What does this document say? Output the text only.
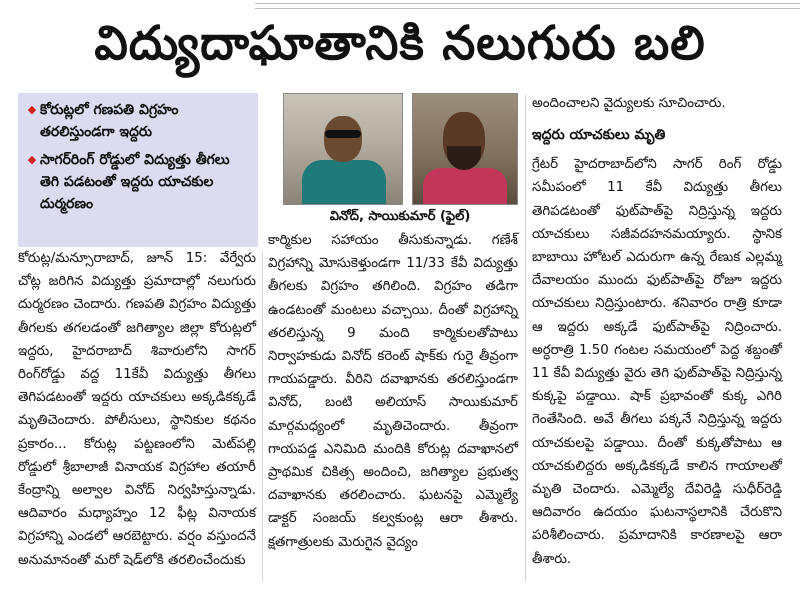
విద్యుదాఘాతానికి నలుగురు బలి
◆ కోరుట్లలో గణపతి విగ్రహం తరలిస్తుండగా ఇద్దరు
◆ సాగర్‌రింగ్ రోడ్డులో విద్యుత్తు తీగలు తెగి పడటంతో ఇద్దరు యాచకుల దుర్మరణం
వినోద్, సాయికుమార్ (ఫైల్)

కోరుట్ల/మన్సూరాబాద్, జూన్ 15: వేర్వేరు చోట్ల జరిగిన విద్యుత్తు ప్రమాదాల్లో నలుగురు దుర్మరణం చెందారు. గణపతి విగ్రహం విద్యుత్తు తీగలకు తగలడంతో జగిత్యాల జిల్లా కోరుట్లలో ఇద్దరు, హైదరాబాద్ శివారులోని సాగర్ రింగ్‌రోడ్డు వద్ద 11కేవీ విద్యుత్తు తీగలు తెగిపడటంతో ఇద్దరు యాచకులు అక్కడికక్కడే మృతిచెందారు. పోలీసులు, స్థానికుల కథనం ప్రకారం... కోరుట్ల పట్టణంలోని మెట్‌పల్లి రోడ్డులో శ్రీబాలాజీ వినాయక విగ్రహాల తయారీ కేంద్రాన్ని అల్వాల వినోద్ నిర్వహిస్తున్నాడు. ఆదివారం మధ్యాహ్నం 12 ఫీట్ల వినాయక విగ్రహాన్ని ఎండలో ఆరబెట్టారు. వర్షం వస్తుందనే అనుమానంతో మరో షెడ్‌లోకి తరలించేందుకు

కార్మికుల సహాయం తీసుకున్నాడు. గణేశ్ విగ్రహాన్ని మోసుకెళ్తుండగా 11/33 కేవీ విద్యుత్తు తీగలకు విగ్రహం తగిలింది. విగ్రహం తడిగా ఉండటంతో మంటలు వచ్చాయి. దీంతో విగ్రహాన్ని తరలిస్తున్న 9 మంది కార్మికులతోపాటు నిర్వాహకుడు వినోద్ కరెంట్ షాక్‌కు గురై తీవ్రంగా గాయపడ్డారు. వీరిని దవాఖానకు తరలిస్తుండగా వినోద్, బంటి అలియాస్ సాయికుమార్ మార్గమధ్యంలో మృతిచెందారు. తీవ్రంగా గాయపడ్డ ఎనిమిది మందికి కోరుట్ల దవాఖానలో ప్రాథమిక చికిత్స అందించి, జగిత్యాల ప్రభుత్వ దవాఖానకు తరలించారు. ఘటనపై ఎమ్మెల్యే డాక్టర్ సంజయ్ కల్వకుంట్ల ఆరా తీశారు. క్షతగాత్రులకు మెరుగైన వైద్యం

అందించాలని వైద్యులకు సూచించారు.

ఇద్దరు యాచకులు మృతి

గ్రేటర్ హైదరాబాద్‌లోని సాగర్ రింగ్ రోడ్డు సమీపంలో 11 కేవీ విద్యుత్తు తీగలు తెగిపడటంతో ఫుట్‌పాత్‌పై నిద్రిస్తున్న ఇద్దరు యాచకులు సజీవదహనమయ్యారు. స్థానిక బాబాయి హోటల్ ఎదురుగా ఉన్న రేణుక ఎల్లమ్మ దేవాలయం ముందు ఫుట్‌పాత్‌పై రోజూ ఇద్దరు యాచకులు నిద్రిస్తుంటారు. శనివారం రాత్రి కూడా ఆ ఇద్దరు అక్కడే ఫుట్‌పాత్‌పై నిద్రించారు. అర్ధరాత్రి 1.50 గంటల సమయంలో పెద్ద శబ్దంతో 11 కేవీ విద్యుత్తు వైరు తెగి ఫుట్‌పాత్‌పై నిద్రిస్తున్న కుక్కపై పడ్డాయి. షాక్ ప్రభావంతో కుక్క ఎగిరి గెంతేసింది. అవే తీగలు పక్కనే నిద్రిస్తున్న ఇద్దరు యాచకులపై పడ్డాయి. దీంతో కుక్కతోపాటు ఆ యాచకులిద్దరు అక్కడికక్కడే కాలిన గాయాలతో మృతి చెందారు. ఎమ్మెల్యే దేవిరెడ్డి సుధీర్‌రెడ్డి ఆదివారం ఉదయం ఘటనాస్థలానికి చేరుకొని పరిశీలించారు. ప్రమాదానికి కారణాలపై ఆరా తీశారు.
